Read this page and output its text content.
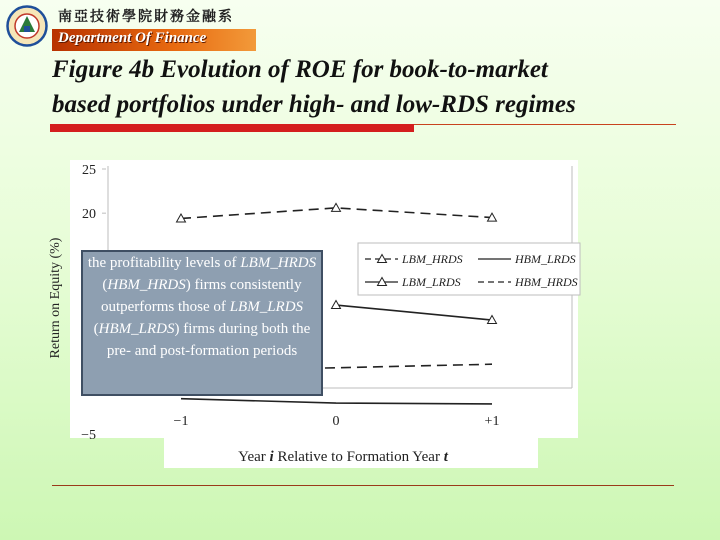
南亞技術學院財務金融系
Department Of Finance
Figure 4b Evolution of ROE for book-to-market
based portfolios under high- and low-RDS regimes
25
20
−5
−1	0	+1
Return on Equity (%)
Year i Relative to Formation Year t
LBM_HRDS	HBM_LRDS
LBM_LRDS	HBM_HRDS
the profitability levels of LBM_HRDS (HBM_HRDS) firms consistently outperforms those of LBM_LRDS (HBM_LRDS) firms during both the pre- and post-formation periods
